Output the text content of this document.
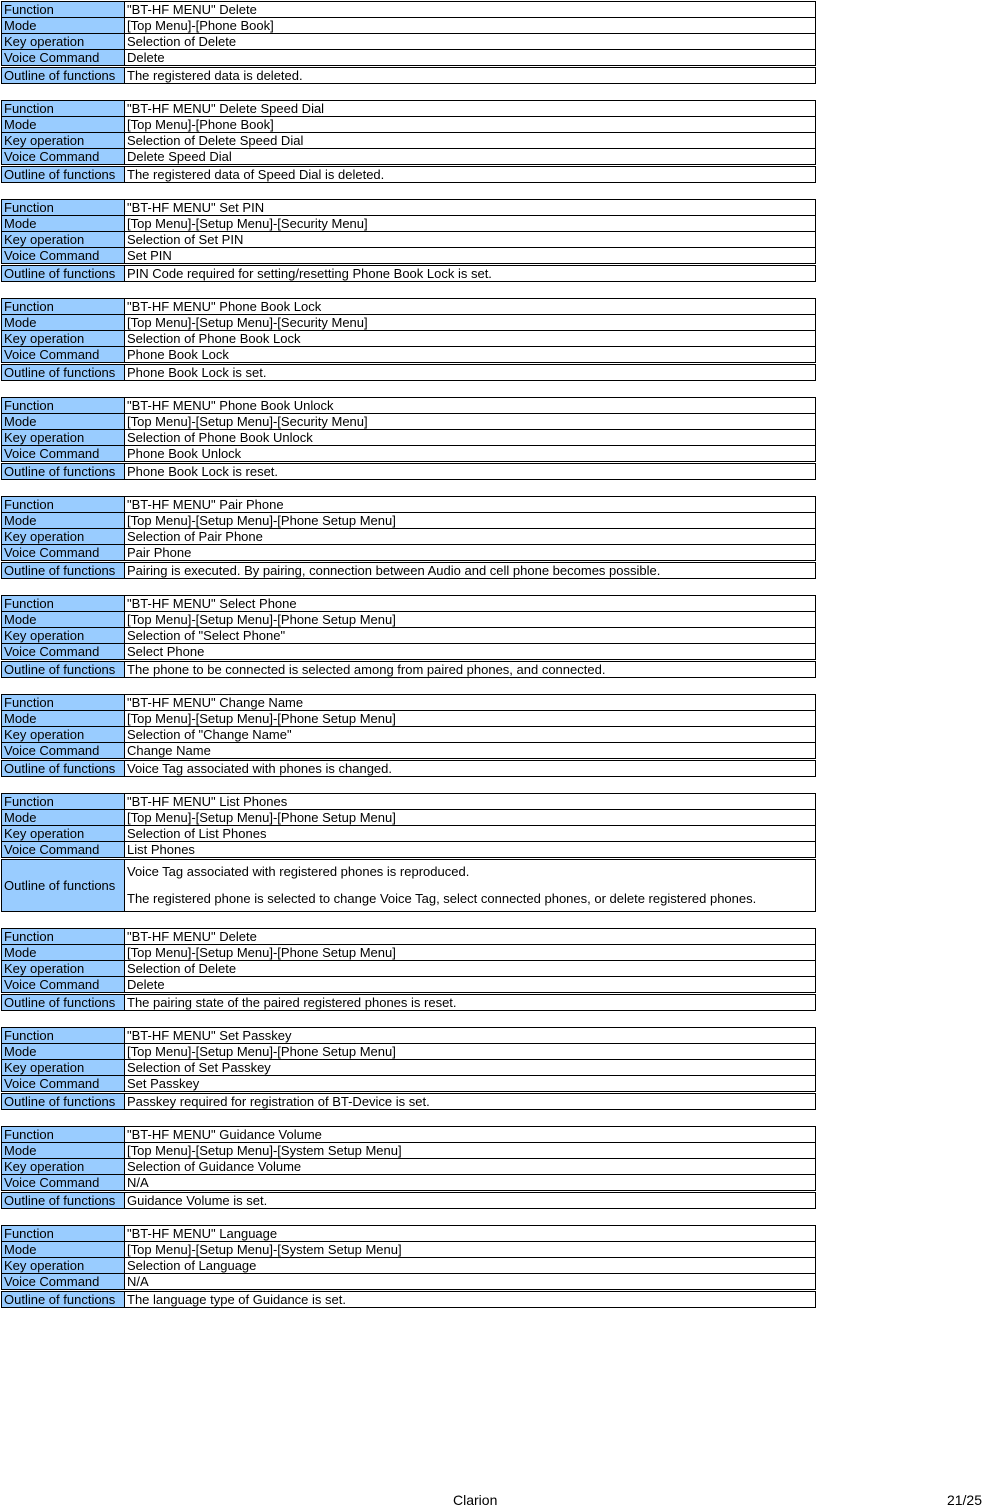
Function	"BT-HF MENU" Delete
Mode	[Top Menu]-[Phone Book]
Key operation	Selection of Delete
Voice Command	Delete
Outline of functions	The registered data is deleted.
Function	"BT-HF MENU" Delete Speed Dial
Mode	[Top Menu]-[Phone Book]
Key operation	Selection of Delete Speed Dial
Voice Command	Delete Speed Dial
Outline of functions	The registered data of Speed Dial is deleted.
Function	"BT-HF MENU" Set PIN
Mode	[Top Menu]-[Setup Menu]-[Security Menu]
Key operation	Selection of Set PIN
Voice Command	Set PIN
Outline of functions	PIN Code required for setting/resetting Phone Book Lock is set.
Function	"BT-HF MENU" Phone Book Lock
Mode	[Top Menu]-[Setup Menu]-[Security Menu]
Key operation	Selection of Phone Book Lock
Voice Command	Phone Book Lock
Outline of functions	Phone Book Lock is set.
Function	"BT-HF MENU" Phone Book Unlock
Mode	[Top Menu]-[Setup Menu]-[Security Menu]
Key operation	Selection of Phone Book Unlock
Voice Command	Phone Book Unlock
Outline of functions	Phone Book Lock is reset.
Function	"BT-HF MENU" Pair Phone
Mode	[Top Menu]-[Setup Menu]-[Phone Setup Menu]
Key operation	Selection of Pair Phone
Voice Command	Pair Phone
Outline of functions	Pairing is executed. By pairing, connection between Audio and cell phone becomes possible.
Function	"BT-HF MENU" Select Phone
Mode	[Top Menu]-[Setup Menu]-[Phone Setup Menu]
Key operation	Selection of "Select Phone"
Voice Command	Select Phone
Outline of functions	The phone to be connected is selected among from paired phones, and connected.
Function	"BT-HF MENU" Change Name
Mode	[Top Menu]-[Setup Menu]-[Phone Setup Menu]
Key operation	Selection of "Change Name"
Voice Command	Change Name
Outline of functions	Voice Tag associated with phones is changed.
Function	"BT-HF MENU" List Phones
Mode	[Top Menu]-[Setup Menu]-[Phone Setup Menu]
Key operation	Selection of List Phones
Voice Command	List Phones
Outline of functions	Voice Tag associated with registered phones is reproduced.
The registered phone is selected to change Voice Tag, select connected phones, or delete registered phones.
Function	"BT-HF MENU" Delete
Mode	[Top Menu]-[Setup Menu]-[Phone Setup Menu]
Key operation	Selection of Delete
Voice Command	Delete
Outline of functions	The pairing state of the paired registered phones is reset.
Function	"BT-HF MENU" Set Passkey
Mode	[Top Menu]-[Setup Menu]-[Phone Setup Menu]
Key operation	Selection of Set Passkey
Voice Command	Set Passkey
Outline of functions	Passkey required for registration of BT-Device is set.
Function	"BT-HF MENU" Guidance Volume
Mode	[Top Menu]-[Setup Menu]-[System Setup Menu]
Key operation	Selection of Guidance Volume
Voice Command	N/A
Outline of functions	Guidance Volume is set.
Function	"BT-HF MENU" Language
Mode	[Top Menu]-[Setup Menu]-[System Setup Menu]
Key operation	Selection of Language
Voice Command	N/A
Outline of functions	The language type of Guidance is set.
Clarion	21/25
